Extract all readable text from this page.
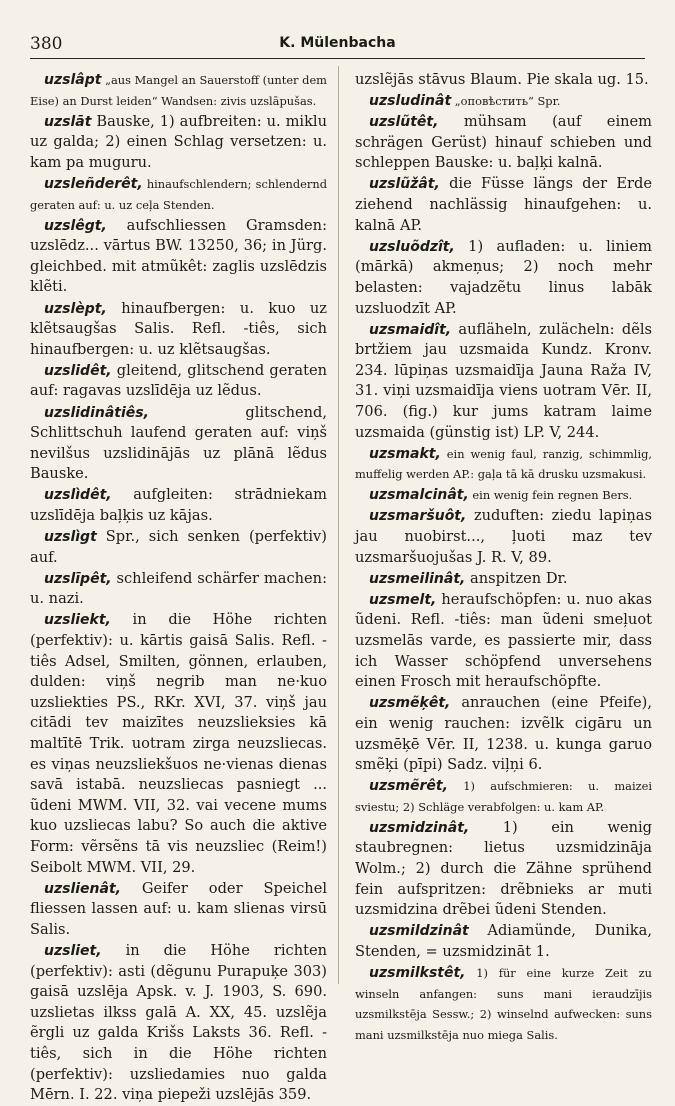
380	K. Mülenbacha

uzslâpt „aus Mangel an Sauerstoff (unter dem Eise) an Durst leiden“ Wandsen: zivis uzslāpušas.

uzslāt Bauske, 1) aufbreiten: u. miklu uz galda; 2) einen Schlag versetzen: u. kam pa muguru.

uzsleñderêt, hinaufschlendern; schlendernd geraten auf: u. uz ceļa Stenden.

uzslêgt, aufschliessen Gramsden: uzslēdz... vārtus BW. 13250, 36; in Jürg. gleichbed. mit atmũkêt: zaglis uzslēdzis klẽti.

uzslèpt, hinaufbergen: u. kuo uz klẽtsaugšas Salis. Refl. -tiês, sich hinaufbergen: u. uz klẽtsaugšas.

uzslidêt, gleitend, glitschend geraten auf: ragavas uzslīdēja uz lẽdus.

uzslidinâtiês, glitschend, Schlittschuh laufend geraten auf: viņš nevilšus uzslidinājās uz plānā lẽdus Bauske.

uzslìdêt, aufgleiten: strādniekam uzslīdēja baļķis uz kājas.

uzslìgt Spr., sich senken (perfektiv) auf.

uzslīpêt, schleifend schärfer machen: u. nazi.

uzsliekt, in die Höhe richten (perfektiv): u. kārtis gaisā Salis. Refl. -tiês Adsel, Smilten, gönnen, erlauben, dulden: viņš negrib man ne·kuo uzsliekties PS., RKr. XVI, 37. viņš jau citādi tev maizītes neuzslieksies kā maltītē Trik. uotram zirga neuzsliecas. es viņas neuzsliekšuos ne·vienas dienas savā istabā. neuzsliecas pasniegt ... ũdeni MWM. VII, 32. vai vecene mums kuo uzsliecas labu? So auch die aktive Form: vẽrsẽns tā vis neuzsliec (Reim!) Seibolt MWM. VII, 29.

uzslienât, Geifer oder Speichel fliessen lassen auf: u. kam slienas virsū Salis.

uzsliet, in die Höhe richten (perfektiv): asti (dẽgunu Purapuķe 303) gaisā uzslēja Apsk. v. J. 1903, S. 690. uzslietas ilkss galā A. XX, 45. uzslẽja ẽrgli uz galda Krišs Laksts 36. Refl. -tiês, sich in die Höhe richten (perfektiv): uzsliedamies nuo galda Mērn. I. 22. viņa piepeži uzslējās 359.

uzslẽjās stāvus Blaum. Pie skala ug. 15.

uzsludinât „оповѣстить“ Spr.

uzslũtêt, mühsam (auf einem schrägen Gerüst) hinauf schieben und schleppen Bauske: u. baļķi kalnā.

uzslũžât, die Füsse längs der Erde ziehend nachlässig hinaufgehen: u. kalnā AP.

uzsluõdzît, 1) aufladen: u. liniem (mārkā) akmeņus; 2) noch mehr belasten: vajadzẽtu linus labāk uzsluodzīt AP.

uzsmaidît, aufläheln, zulächeln: dẽls brtžiem jau uzsmaida Kundz. Kronv. 234. lūpiņas uzsmaidīja Jauna Raža IV, 31. viņi uzsmaidīja viens uotram Vēr. II, 706. (fig.) kur jums katram laime uzsmaida (günstig ist) LP. V, 244.

uzsmakt, ein wenig faul, ranzig, schimmlig, muffelig werden AP.: gaļa tā kā drusku uzsmakusi.

uzsmalcinât, ein wenig fein regnen Bers.

uzsmaršuôt, zuduften: ziedu lapiņas jau nuobirst..., ļuoti maz tev uzsmaršuojušas J. R. V, 89.

uzsmeilinât, anspitzen Dr.

uzsmelt, heraufschöpfen: u. nuo akas ũdeni. Refl. -tiês: man ũdeni smeļuot uzsmelās varde, es passierte mir, dass ich Wasser schöpfend unversehens einen Frosch mit heraufschöpfte.

uzsmẽķêt, anrauchen (eine Pfeife), ein wenig rauchen: izvẽlk cigāru un uzsmēķē Vēr. II, 1238. u. kunga garuo smẽķi (pīpi) Sadz. viļņi 6.

uzsmẽrêt, 1) aufschmieren: u. maizei sviestu; 2) Schläge verabfolgen: u. kam AP.

uzsmidzinât, 1) ein wenig staubregnen: lietus uzsmidzināja Wolm.; 2) durch die Zähne sprühend fein aufspritzen: drẽbnieks ar muti uzsmidzina drẽbei ũdeni Stenden.

uzsmildzinât Adiamünde, Dunika, Stenden, = uzsmidzināt 1.

uzsmilkstêt, 1) für eine kurze Zeit zu winseln anfangen: suns mani ieraudzījis uzsmilkstēja Sessw.; 2) winselnd aufwecken: suns mani uzsmilkstēja nuo miega Salis.
